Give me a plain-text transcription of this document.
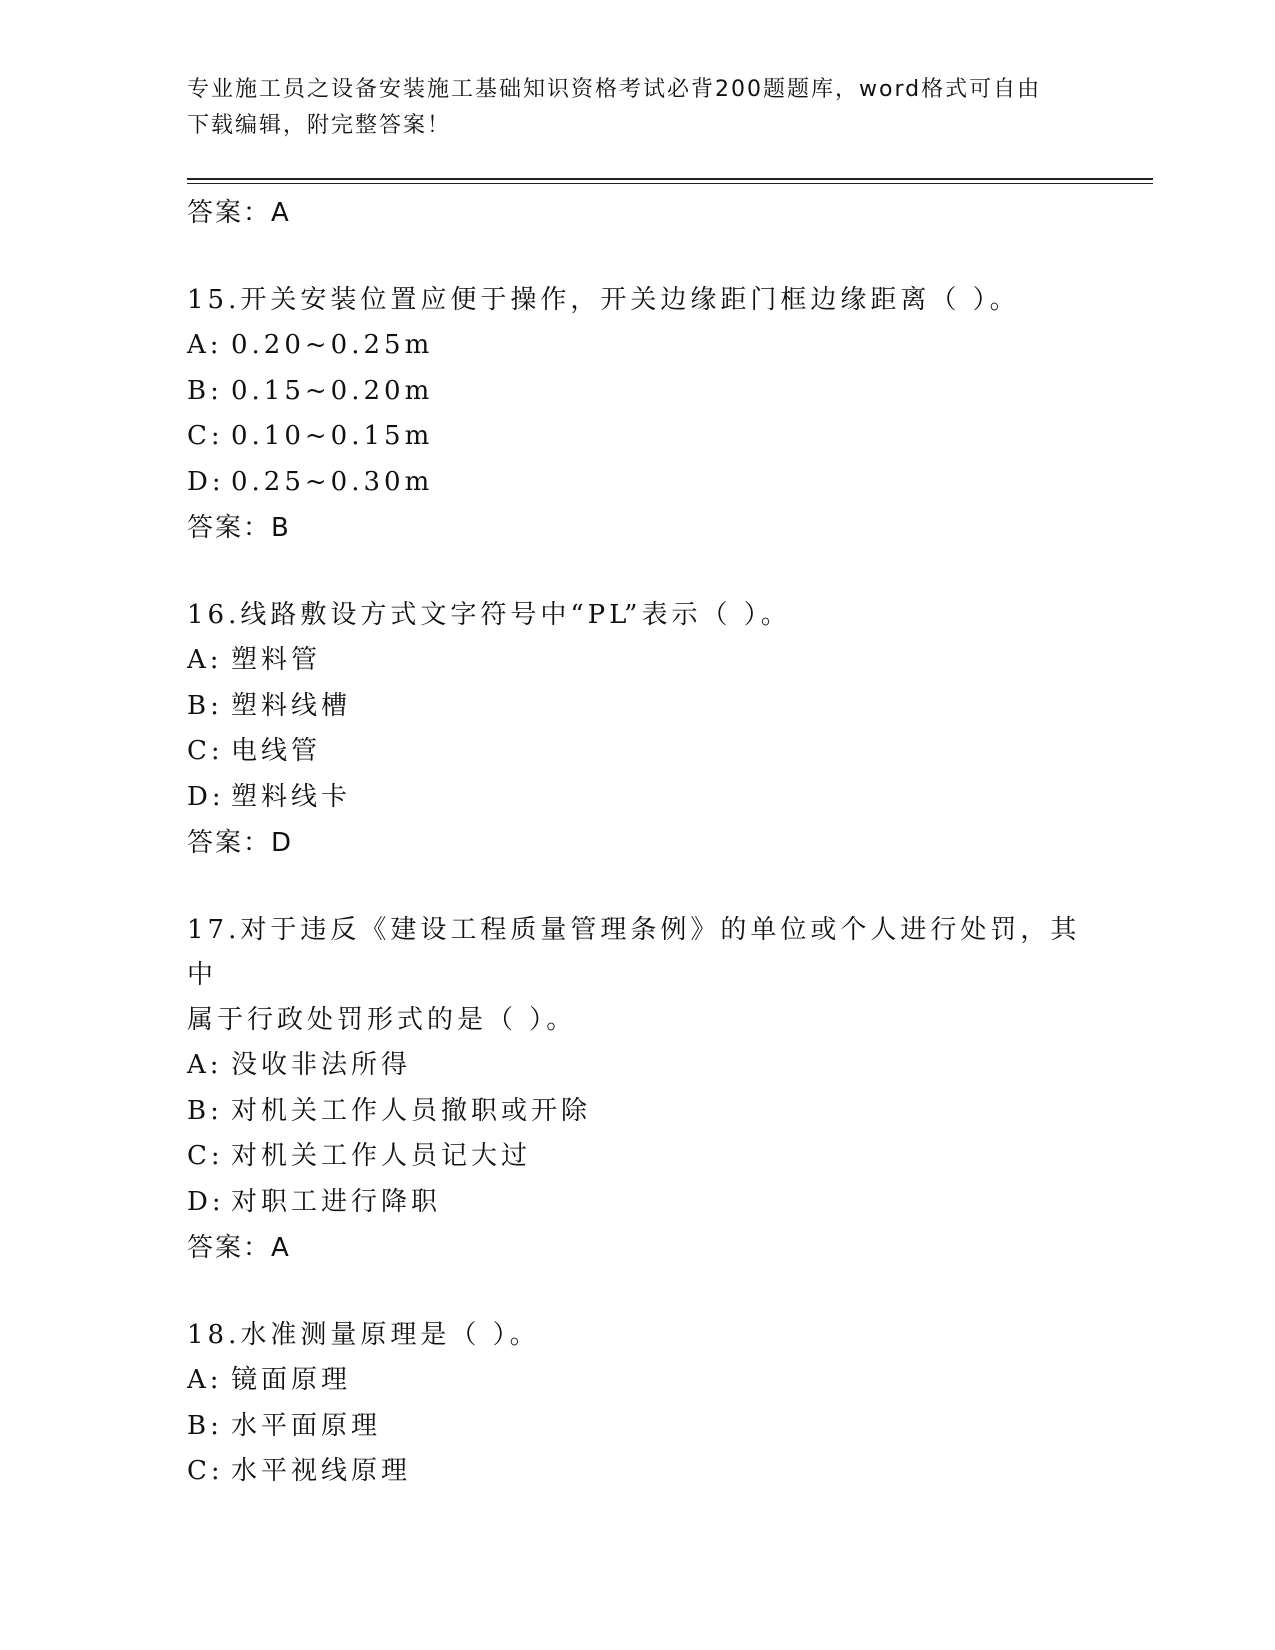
专业施工员之设备安装施工基础知识资格考试必背200题题库，word格式可自由
下载编辑，附完整答案！
答案：A
15.开关安装位置应便于操作，开关边缘距门框边缘距离（ ）。
A: 0.20~0.25m
B: 0.15~0.20m
C: 0.10~0.15m
D: 0.25~0.30m
答案：B
16.线路敷设方式文字符号中“PL”表示（ ）。
A: 塑料管
B: 塑料线槽
C: 电线管
D: 塑料线卡
答案：D
17.对于违反《建设工程质量管理条例》的单位或个人进行处罚，其中
属于行政处罚形式的是（ ）。
A: 没收非法所得
B: 对机关工作人员撤职或开除
C: 对机关工作人员记大过
D: 对职工进行降职
答案：A
18.水准测量原理是（ ）。
A: 镜面原理
B: 水平面原理
C: 水平视线原理
